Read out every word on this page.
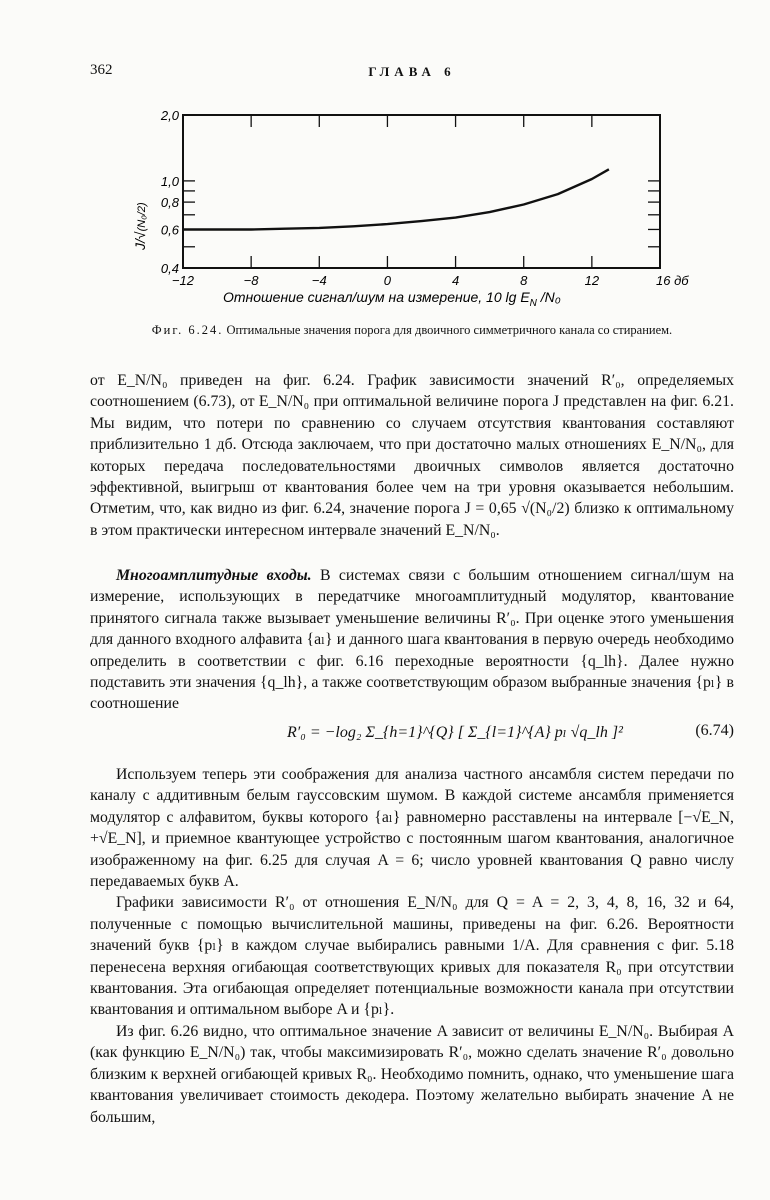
362	ГЛАВА 6
J/√(N₀/2)
2,0
1,0
0,8
0,6
0,4
−12	−8	−4	0	4	8	12	16 дб
Отношение сигнал/шум на измерение, 10 $\lg E_N$ /N₀
Фиг. 6.24. Оптимальные значения порога для двоичного симметричного канала со стиранием.

от E_N/N₀ приведен на фиг. 6.24. График зависимости значений R′₀, определяемых соотношением (6.73), от E_N/N₀ при оптимальной величине порога J представлен на фиг. 6.21. Мы видим, что потери по сравнению со случаем отсутствия квантования составляют приблизительно 1 дб. Отсюда заключаем, что при достаточно малых отношениях E_N/N₀, для которых передача последовательностями двоичных символов является достаточно эффективной, выигрыш от квантования более чем на три уровня оказывается небольшим. Отметим, что, как видно из фиг. 6.24, значение порога J = 0,65 √(N₀/2) близко к оптимальному в этом практически интересном интервале значений E_N/N₀.

Многоамплитудные входы. В системах связи с большим отношением сигнал/шум на измерение, использующих в передатчике многоамплитудный модулятор, квантование принятого сигнала также вызывает уменьшение величины R′₀. При оценке этого уменьшения для данного входного алфавита {aₗ} и данного шага квантования в первую очередь необходимо определить в соответствии с фиг. 6.16 переходные вероятности {q_lh}. Далее нужно подставить эти значения {q_lh}, а также соответствующим образом выбранные значения {pₗ} в соотношение

R′₀ = −log₂ Σ_{h=1}^{Q} [ Σ_{l=1}^{A} pₗ √q_lh ]²	(6.74)

Используем теперь эти соображения для анализа частного ансамбля систем передачи по каналу с аддитивным белым гауссовским шумом. В каждой системе ансамбля применяется модулятор с алфавитом, буквы которого {aₗ} равномерно расставлены на интервале [−√E_N, +√E_N], и приемное квантующее устройство с постоянным шагом квантования, аналогичное изображенному на фиг. 6.25 для случая A = 6; число уровней квантования Q равно числу передаваемых букв A.

Графики зависимости R′₀ от отношения E_N/N₀ для Q = A = 2, 3, 4, 8, 16, 32 и 64, полученные с помощью вычислительной машины, приведены на фиг. 6.26. Вероятности значений букв {pₗ} в каждом случае выбирались равными 1/A. Для сравнения с фиг. 5.18 перенесена верхняя огибающая соответствующих кривых для показателя R₀ при отсутствии квантования. Эта огибающая определяет потенциальные возможности канала при отсутствии квантования и оптимальном выборе A и {pₗ}.

Из фиг. 6.26 видно, что оптимальное значение A зависит от величины E_N/N₀. Выбирая A (как функцию E_N/N₀) так, чтобы максимизировать R′₀, можно сделать значение R′₀ довольно близким к верхней огибающей кривых R₀. Необходимо помнить, однако, что уменьшение шага квантования увеличивает стоимость декодера. Поэтому желательно выбирать значение A не большим,
